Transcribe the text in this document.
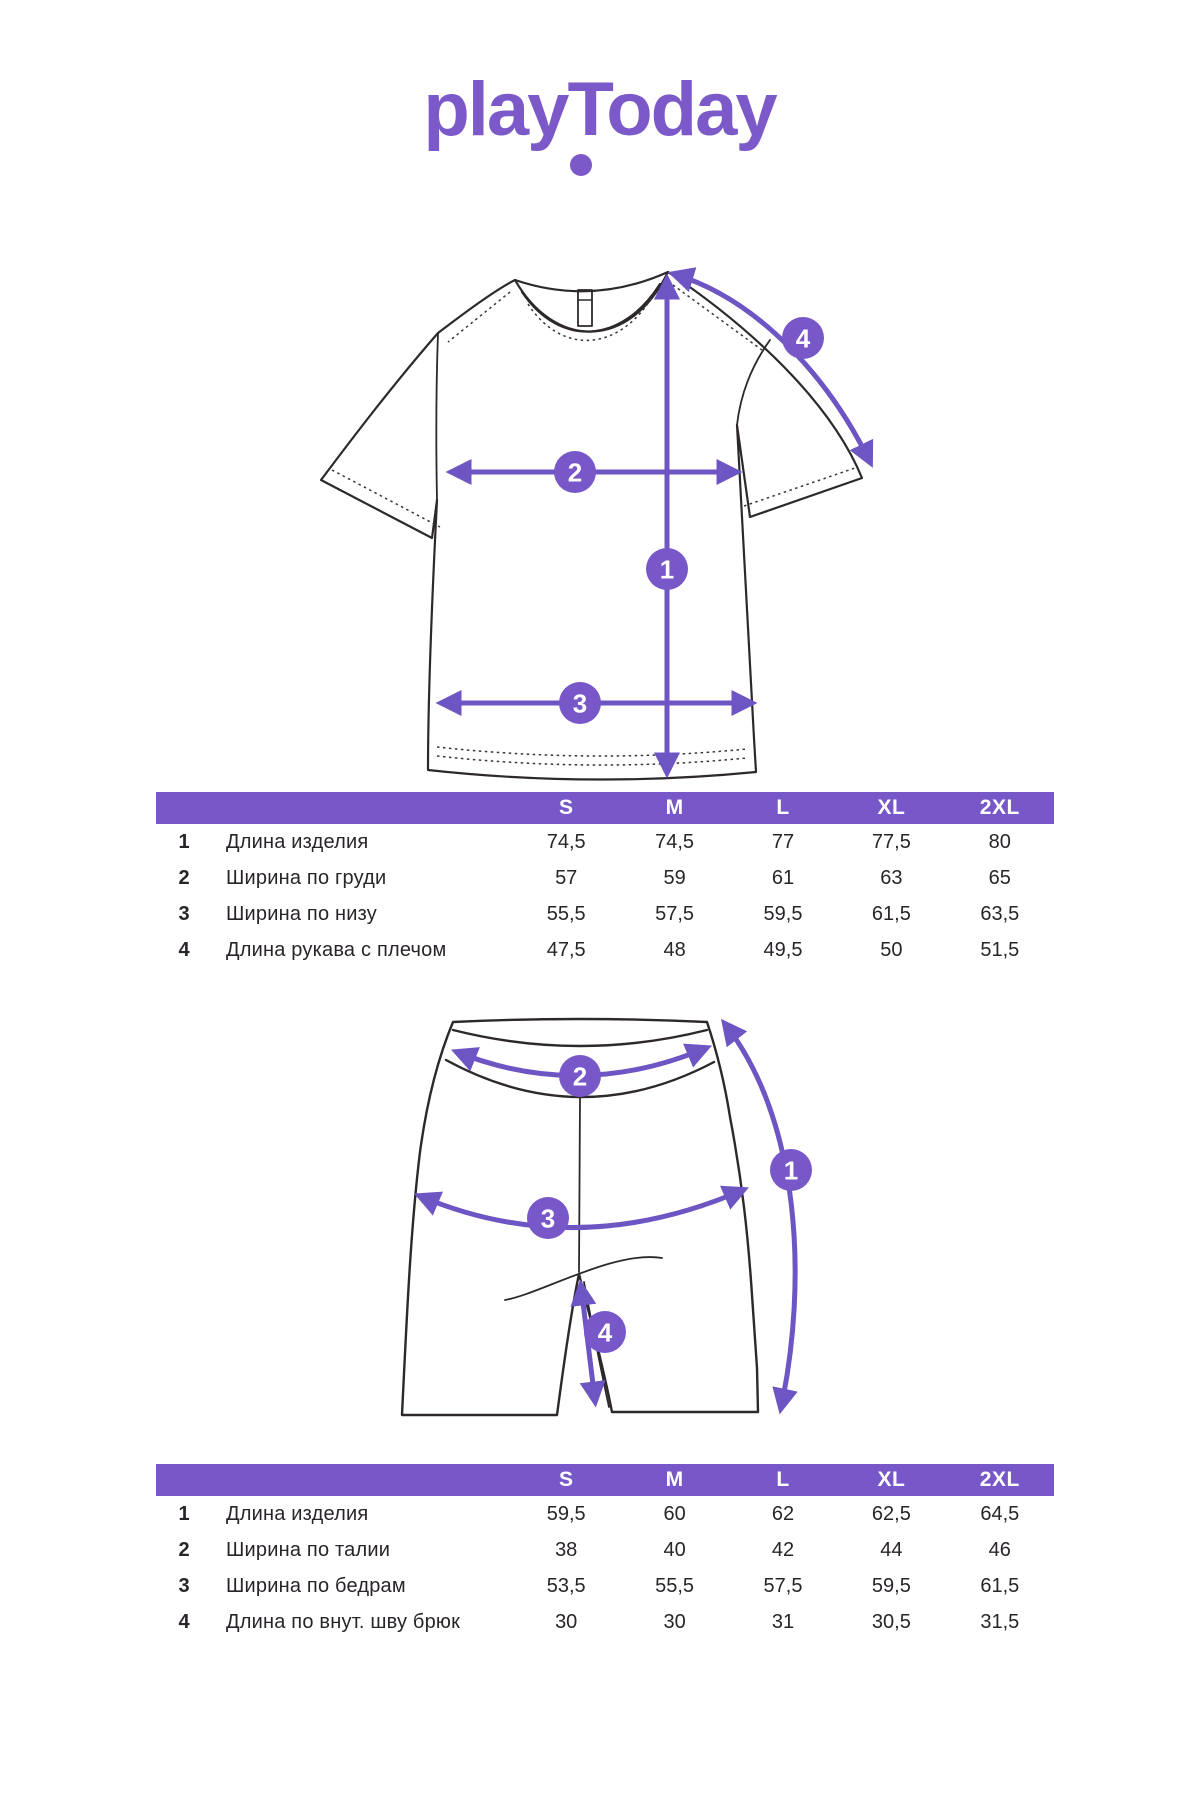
playToday
1
2
3
4
S	M	L	XL	2XL
1	Длина изделия	74,5	74,5	77	77,5	80
2	Ширина по груди	57	59	61	63	65
3	Ширина по низу	55,5	57,5	59,5	61,5	63,5
4	Длина рукава с плечом	47,5	48	49,5	50	51,5
2
1
3
4
S	M	L	XL	2XL
1	Длина изделия	59,5	60	62	62,5	64,5
2	Ширина по талии	38	40	42	44	46
3	Ширина по бедрам	53,5	55,5	57,5	59,5	61,5
4	Длина по внут. шву брюк	30	30	31	30,5	31,5
